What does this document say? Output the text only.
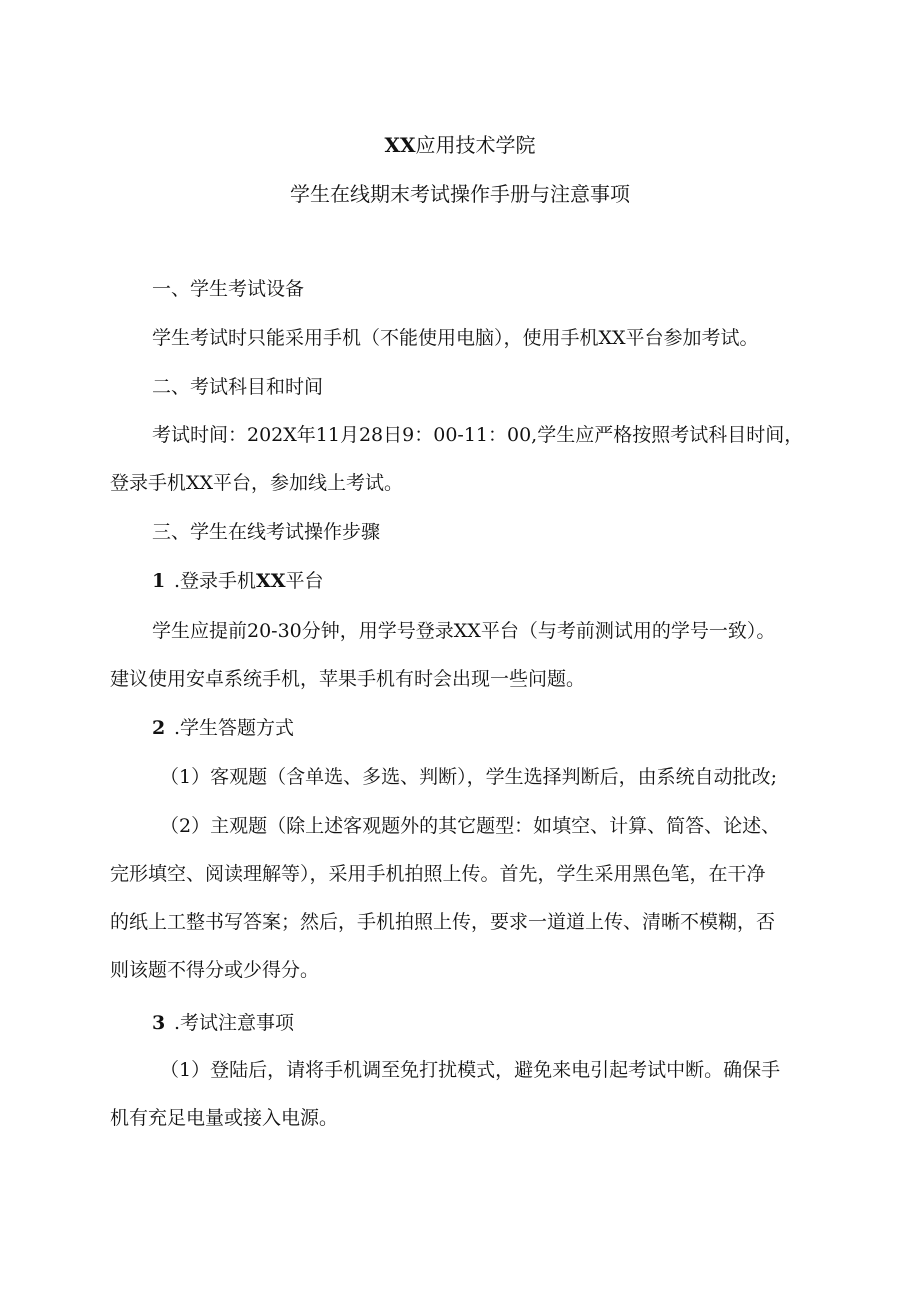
XX应用技术学院
学生在线期末考试操作手册与注意事项
一、学生考试设备
学生考试时只能采用手机（不能使用电脑），使用手机XX平台参加考试。
二、考试科目和时间
考试时间：202X年11月28日9：00-11：00,学生应严格按照考试科目时间，
登录手机XX平台，参加线上考试。
三、学生在线考试操作步骤
1 .登录手机XX平台
学生应提前20-30分钟，用学号登录XX平台（与考前测试用的学号一致）。
建议使用安卓系统手机，苹果手机有时会出现一些问题。
2 .学生答题方式
（1）客观题（含单选、多选、判断），学生选择判断后，由系统自动批改;
（2）主观题（除上述客观题外的其它题型：如填空、计算、简答、论述、
完形填空、阅读理解等），采用手机拍照上传。首先，学生采用黑色笔，在干净
的纸上工整书写答案；然后，手机拍照上传，要求一道道上传、清晰不模糊，否
则该题不得分或少得分。
3 .考试注意事项
（1）登陆后，请将手机调至免打扰模式，避免来电引起考试中断。确保手
机有充足电量或接入电源。
